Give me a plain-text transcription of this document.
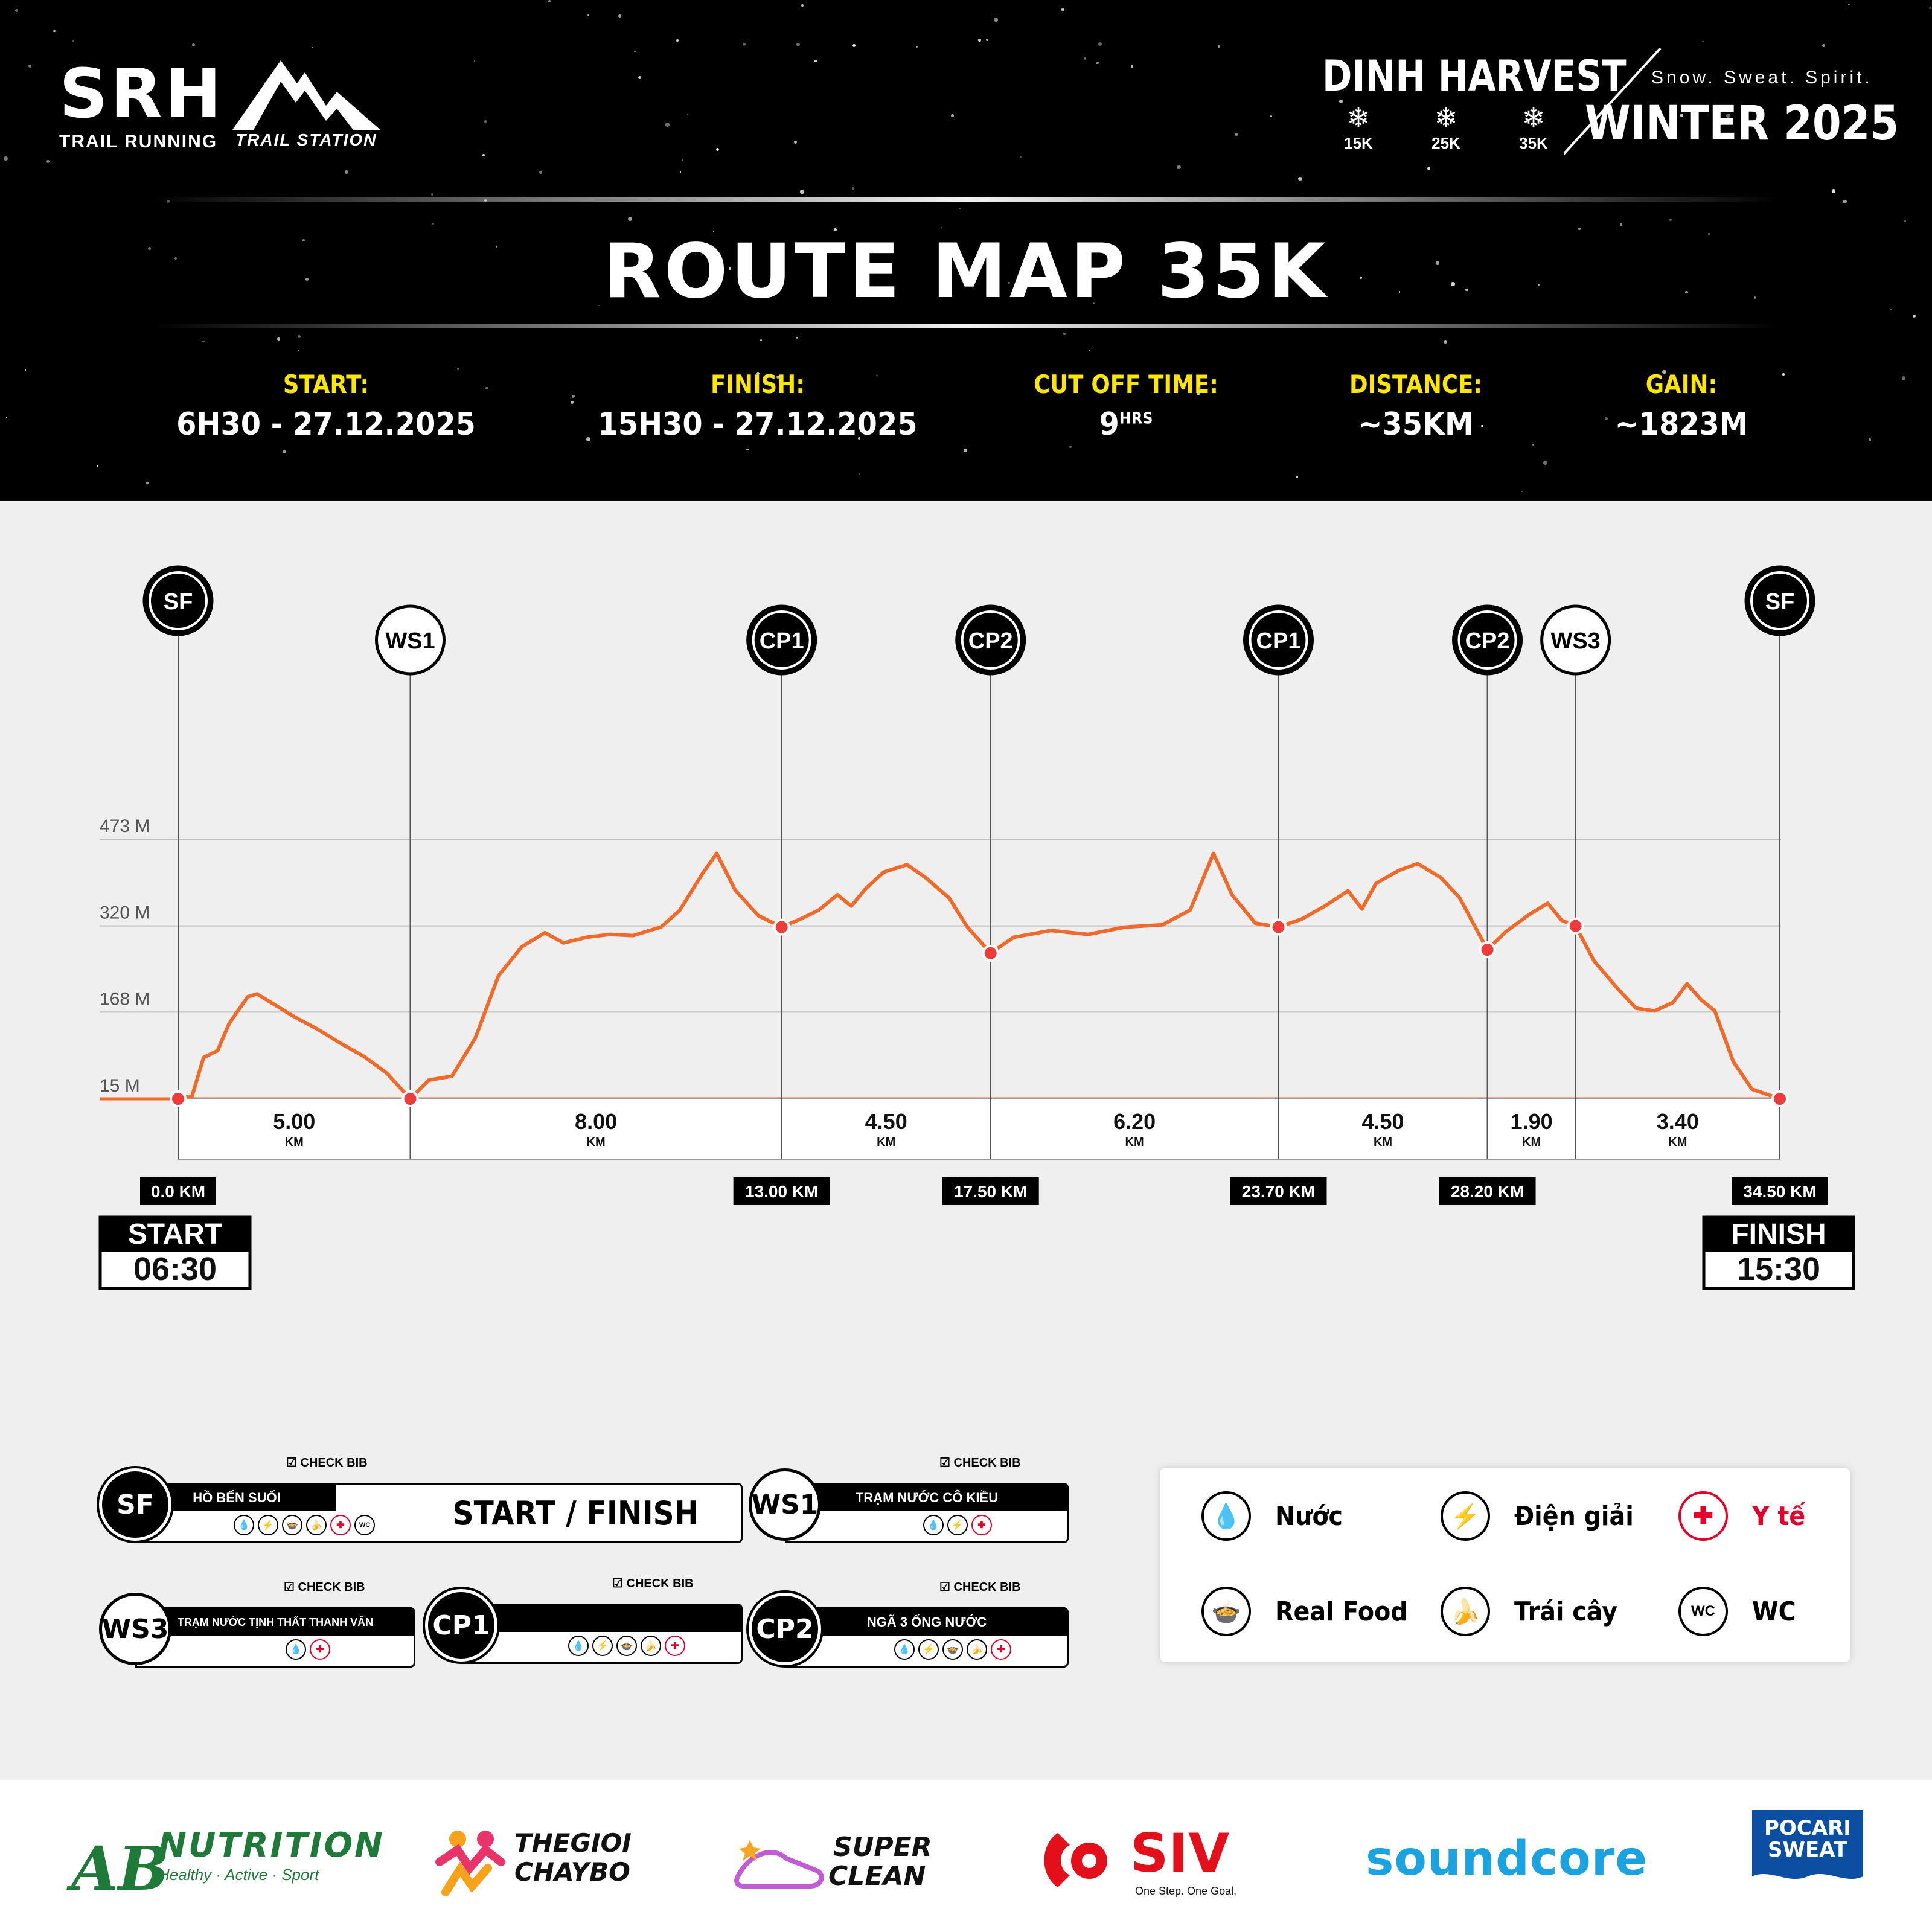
SRH
TRAIL RUNNING	TRAIL STATION
DINH HARVEST Snow. Sweat. Spirit.
WINTER 2025
❄
15K
❄
25K
❄
35K
ROUTE MAP 35K
START:
6H30 - 27.12.2025
FINISH:
15H30 - 27.12.2025
CUT OFF TIME:
$9^{HRS}$
DISTANCE:
~35KM
GAIN:
~1823M
15 M
168 M
320 M
473 M
5.00
KM
8.00
KM
4.50
KM
6.20
KM
4.50
KM
1.90
KM
3.40
KM
SF
WS1	CP1	CP2	CP1	CP2 WS3
SF
0.0 KM	13.00 KM	17.50 KM	23.70 KM	28.20 KM	34.50 KM
START
06:30
FINISH
15:30
HỒ BẾN SUỐI
💧	⚡	🍲	🍌	✚	WC	START / FINISH
☑ CHECK BIB
SF	TRẠM NƯỚC CÔ KIỀU
💧	⚡	✚
☑ CHECK BIB
WS1
TRẠM NƯỚC TỊNH THẤT THANH VÂN
💧	✚
☑ CHECK BIB
WS3
💧	⚡	🍲	🍌	✚
☑ CHECK BIB
CP1	NGÃ 3 ỐNG NƯỚC
💧	⚡	🍲	🍌	✚
☑ CHECK BIB
CP2
💧	Nước	⚡	Điện giải	✚	Y tế
🍲	Real Food	🍌	Trái cây	WC	WC
AB
NUTRITION
Healthy · Active · Sport
THEGIOI
CHAYBO
SUPER
CLEAN	SIV
One Step. One Goal.
soundcore
POCARI
SWEAT
